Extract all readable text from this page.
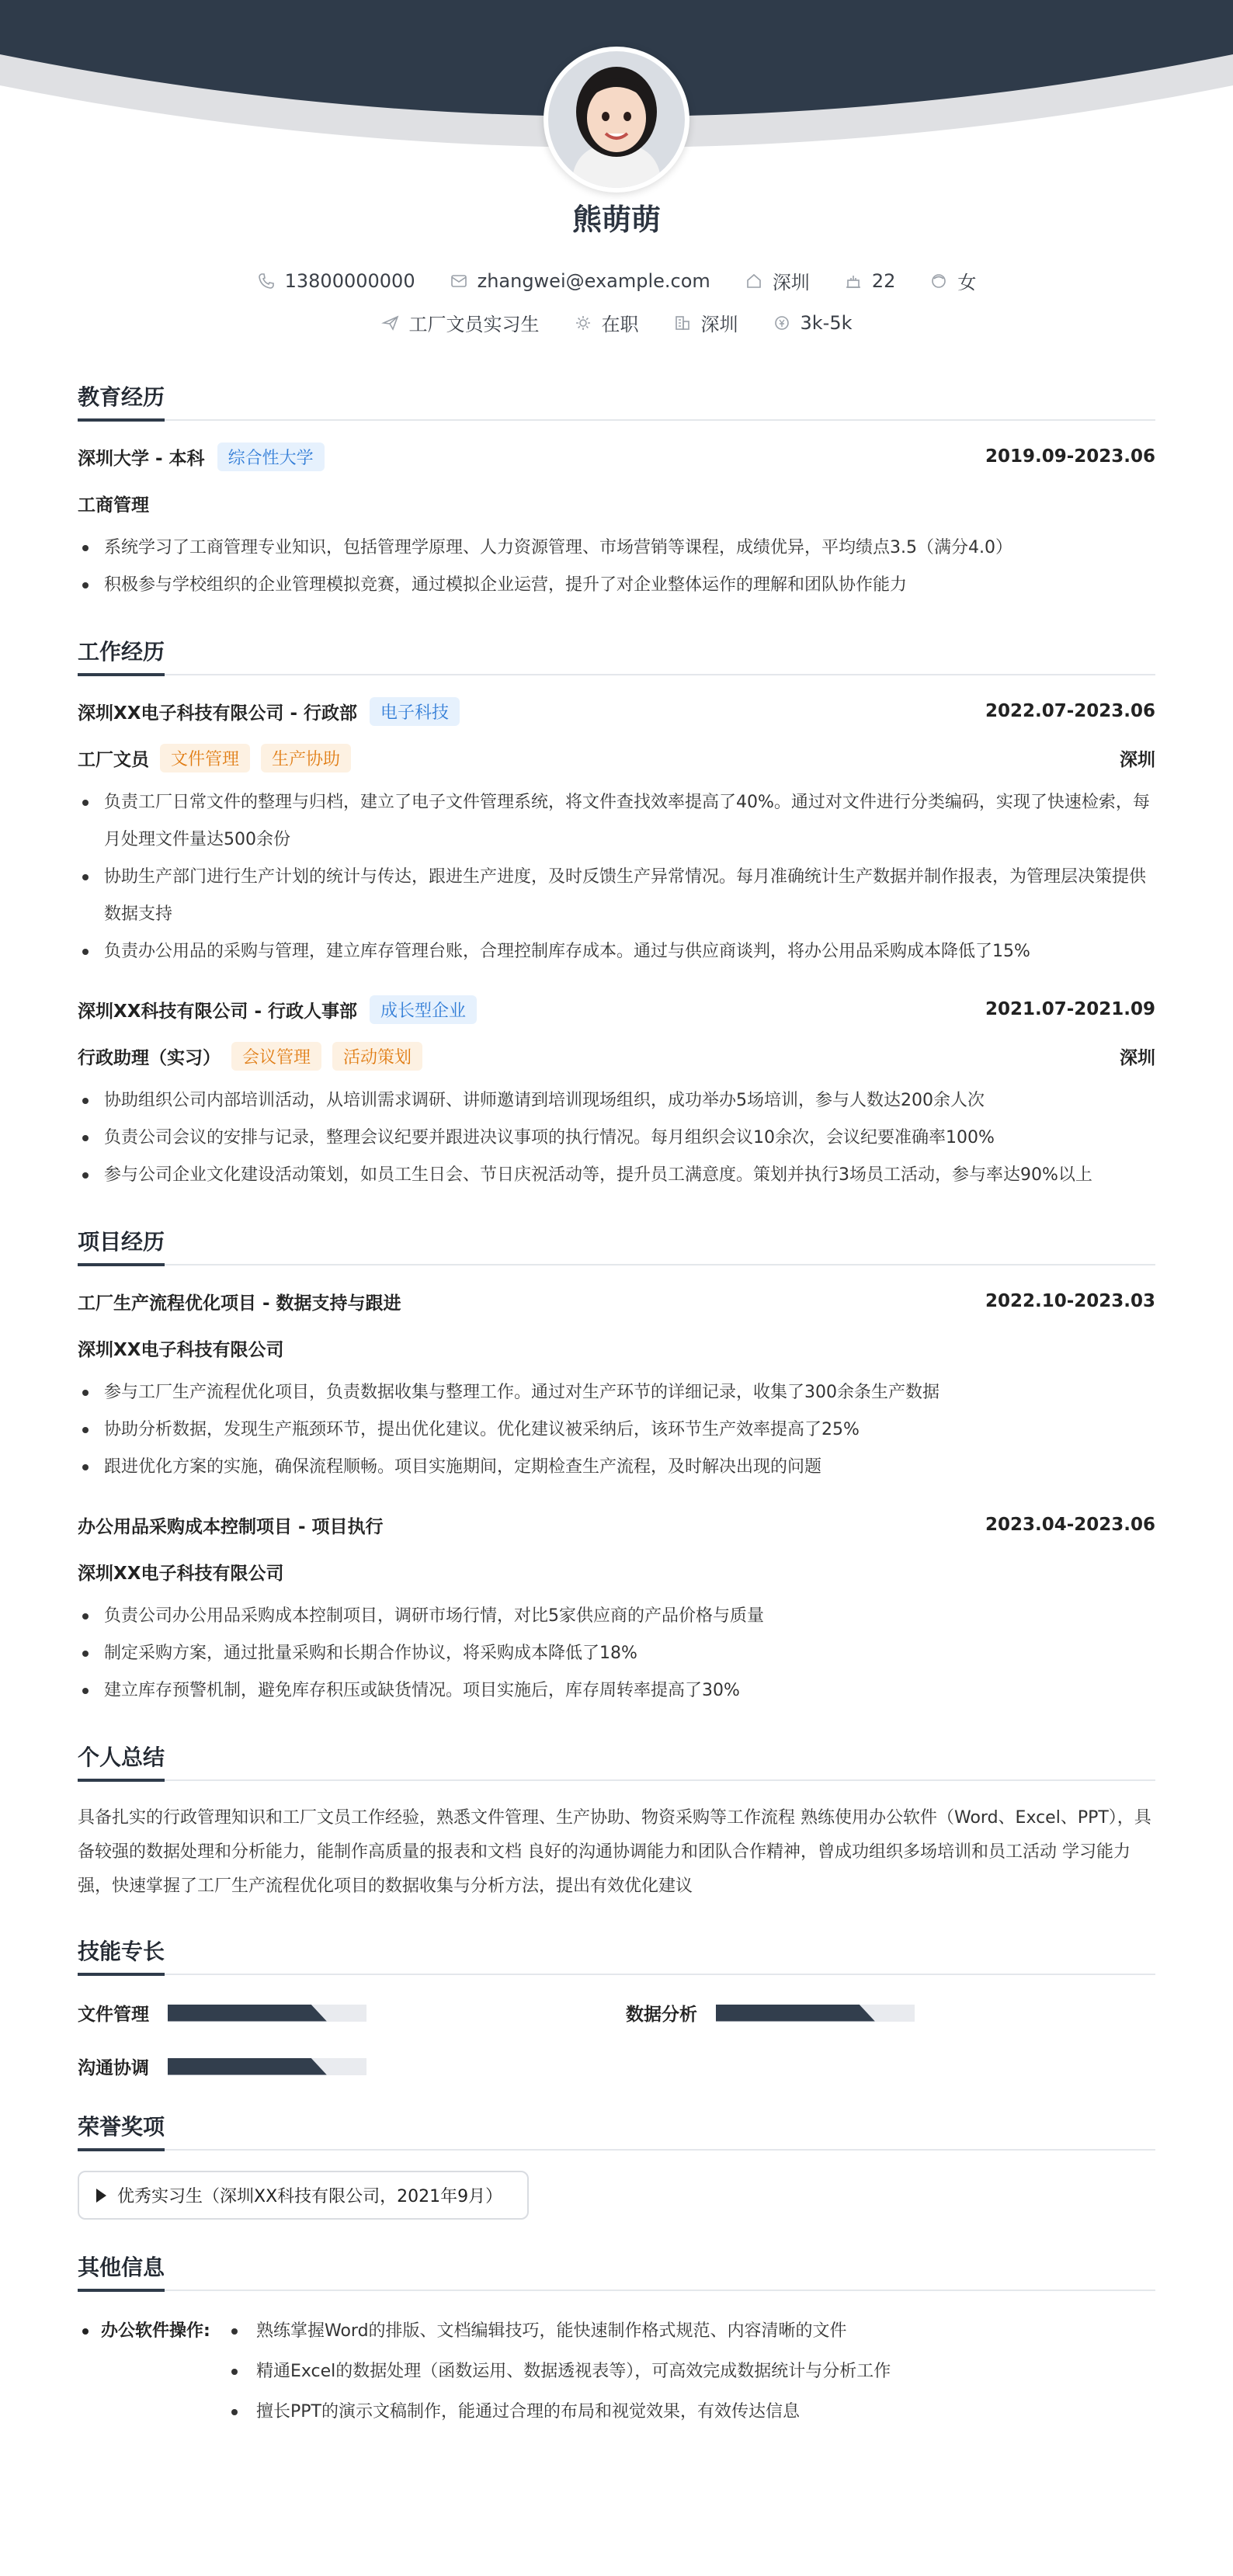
熊萌萌
13800000000	zhangwei@example.com	深圳	22	女
工厂文员实习生	在职	深圳	3k-5k
教育经历
深圳大学 - 本科	综合性大学	2019.09-2023.06
工商管理
系统学习了工商管理专业知识，包括管理学原理、人力资源管理、市场营销等课程，成绩优异，平均绩点3.5（满分4.0）
积极参与学校组织的企业管理模拟竞赛，通过模拟企业运营，提升了对企业整体运作的理解和团队协作能力
工作经历
深圳XX电子科技有限公司 - 行政部	电子科技	2022.07-2023.06
工厂文员	文件管理	生产协助	深圳
负责工厂日常文件的整理与归档，建立了电子文件管理系统，将文件查找效率提高了40%。通过对文件进行分类编码，实现了快速检索，每月处理文件量达500余份
协助生产部门进行生产计划的统计与传达，跟进生产进度，及时反馈生产异常情况。每月准确统计生产数据并制作报表，为管理层决策提供数据支持
负责办公用品的采购与管理，建立库存管理台账，合理控制库存成本。通过与供应商谈判，将办公用品采购成本降低了15%
深圳XX科技有限公司 - 行政人事部	成长型企业	2021.07-2021.09
行政助理（实习）	会议管理	活动策划	深圳
协助组织公司内部培训活动，从培训需求调研、讲师邀请到培训现场组织，成功举办5场培训，参与人数达200余人次
负责公司会议的安排与记录，整理会议纪要并跟进决议事项的执行情况。每月组织会议10余次，会议纪要准确率100%
参与公司企业文化建设活动策划，如员工生日会、节日庆祝活动等，提升员工满意度。策划并执行3场员工活动，参与率达90%以上
项目经历
工厂生产流程优化项目 - 数据支持与跟进	2022.10-2023.03
深圳XX电子科技有限公司
参与工厂生产流程优化项目，负责数据收集与整理工作。通过对生产环节的详细记录，收集了300余条生产数据
协助分析数据，发现生产瓶颈环节，提出优化建议。优化建议被采纳后，该环节生产效率提高了25%
跟进优化方案的实施，确保流程顺畅。项目实施期间，定期检查生产流程，及时解决出现的问题
办公用品采购成本控制项目 - 项目执行	2023.04-2023.06
深圳XX电子科技有限公司
负责公司办公用品采购成本控制项目，调研市场行情，对比5家供应商的产品价格与质量
制定采购方案，通过批量采购和长期合作协议，将采购成本降低了18%
建立库存预警机制，避免库存积压或缺货情况。项目实施后，库存周转率提高了30%
个人总结

具备扎实的行政管理知识和工厂文员工作经验，熟悉文件管理、生产协助、物资采购等工作流程 熟练使用办公软件（Word、Excel、PPT），具备较强的数据处理和分析能力，能制作高质量的报表和文档 良好的沟通协调能力和团队合作精神，曾成功组织多场培训和员工活动 学习能力强，快速掌握了工厂生产流程优化项目的数据收集与分析方法，提出有效优化建议

技能专长
文件管理	数据分析
沟通协调
荣誉奖项
优秀实习生（深圳XX科技有限公司，2021年9月）
其他信息
办公软件操作:	熟练掌握Word的排版、文档编辑技巧，能快速制作格式规范、内容清晰的文件
精通Excel的数据处理（函数运用、数据透视表等），可高效完成数据统计与分析工作
擅长PPT的演示文稿制作，能通过合理的布局和视觉效果，有效传达信息
